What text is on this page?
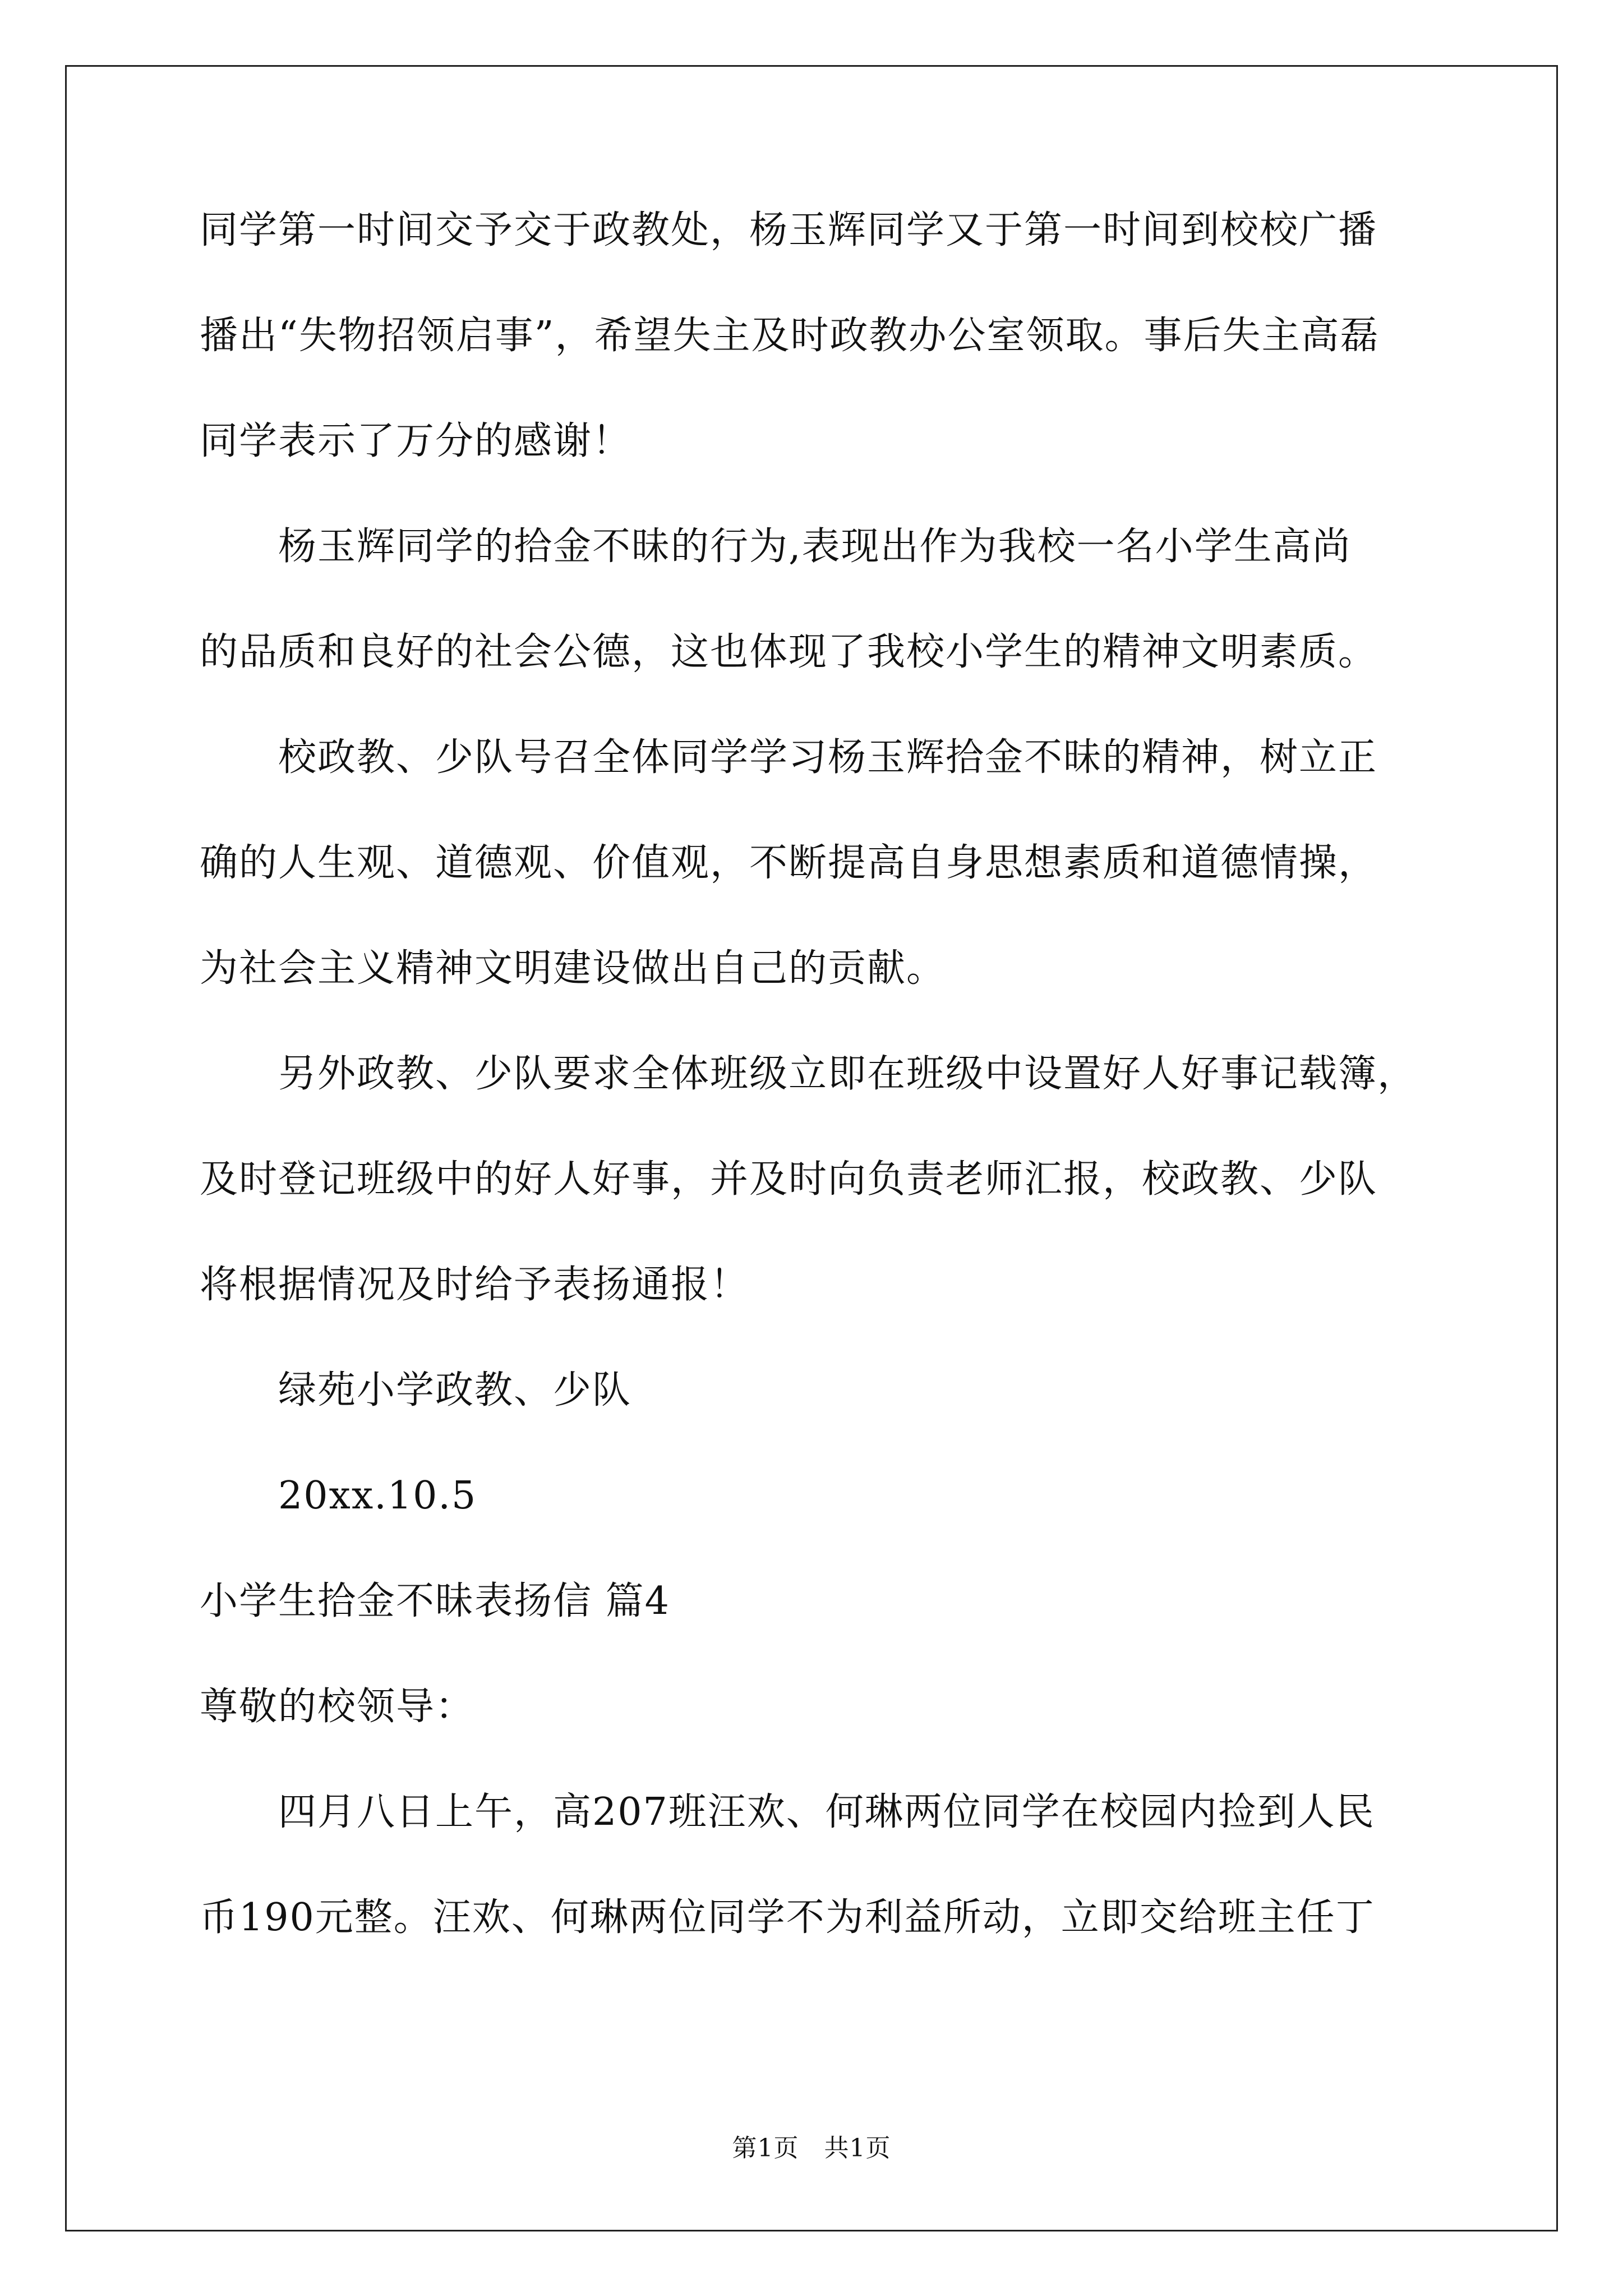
同学第一时间交予交于政教处，杨玉辉同学又于第一时间到校校广播

播出“失物招领启事”，希望失主及时政教办公室领取。事后失主高磊

同学表示了万分的感谢！

杨玉辉同学的拾金不昧的行为,表现出作为我校一名小学生高尚

的品质和良好的社会公德，这也体现了我校小学生的精神文明素质。

校政教、少队号召全体同学学习杨玉辉拾金不昧的精神，树立正

确的人生观、道德观、价值观，不断提高自身思想素质和道德情操，

为社会主义精神文明建设做出自己的贡献。

另外政教、少队要求全体班级立即在班级中设置好人好事记载簿，

及时登记班级中的好人好事，并及时向负责老师汇报，校政教、少队

将根据情况及时给予表扬通报！

绿苑小学政教、少队

20xx.10.5

小学生拾金不昧表扬信 篇4

尊敬的校领导：

四月八日上午，高207班汪欢、何琳两位同学在校园内捡到人民

币190元整。汪欢、何琳两位同学不为利益所动，立即交给班主任丁

第1页　共1页
